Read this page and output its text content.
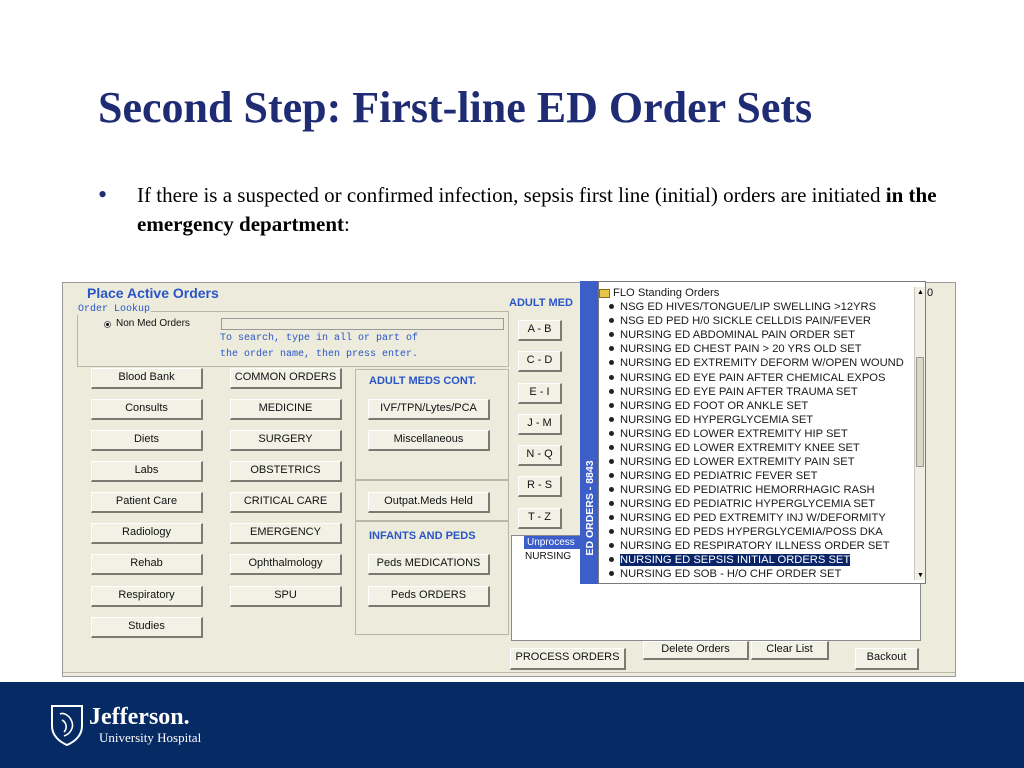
Second Step: First-line ED Order Sets
• If there is a suspected or confirmed infection, sepsis first line (initial) orders are initiated in the emergency department:
Place Active Orders
Order Lookup
Non Med Orders
To search, type in all or part of
the order name, then press enter.
Blood Bank
Consults
Diets
Labs
Patient Care
Radiology
Rehab
Respiratory
Studies
COMMON ORDERS
MEDICINE
SURGERY
OBSTETRICS
CRITICAL CARE
EMERGENCY
Ophthalmology
SPU
ADULT MEDS CONT.
IVF/TPN/Lytes/PCA
Miscellaneous
Outpat.Meds Held
INFANTS AND PEDS
Peds MEDICATIONS
Peds ORDERS
ADULT MED
A - B
C - D
E - I
J - M
N - Q
R - S
T - Z
Unprocess
NURSING
0
PROCESS ORDERS
Delete Orders	Clear List
Backout
ED ORDERS - 8843
FLO Standing Orders
NSG ED HIVES/TONGUE/LIP SWELLING >12YRS
NSG ED PED H/0 SICKLE CELLDIS PAIN/FEVER
NURSING ED ABDOMINAL PAIN ORDER SET
NURSING ED CHEST PAIN > 20 YRS OLD SET
NURSING ED EXTREMITY DEFORM W/OPEN WOUND
NURSING ED EYE PAIN AFTER CHEMICAL EXPOS
NURSING ED EYE PAIN AFTER TRAUMA SET
NURSING ED FOOT OR ANKLE SET
NURSING ED HYPERGLYCEMIA SET
NURSING ED LOWER EXTREMITY HIP SET
NURSING ED LOWER EXTREMITY KNEE SET
NURSING ED LOWER EXTREMITY PAIN SET
NURSING ED PEDIATRIC FEVER SET
NURSING ED PEDIATRIC HEMORRHAGIC RASH
NURSING ED PEDIATRIC HYPERGLYCEMIA SET
NURSING ED PED EXTREMITY INJ W/DEFORMITY
NURSING ED PEDS HYPERGLYCEMIA/POSS DKA
NURSING ED RESPIRATORY ILLNESS ORDER SET
NURSING ED SEPSIS INITIAL ORDERS SET
NURSING ED SOB - H/O CHF ORDER SET
▲
▼
Jefferson.
University Hospital
